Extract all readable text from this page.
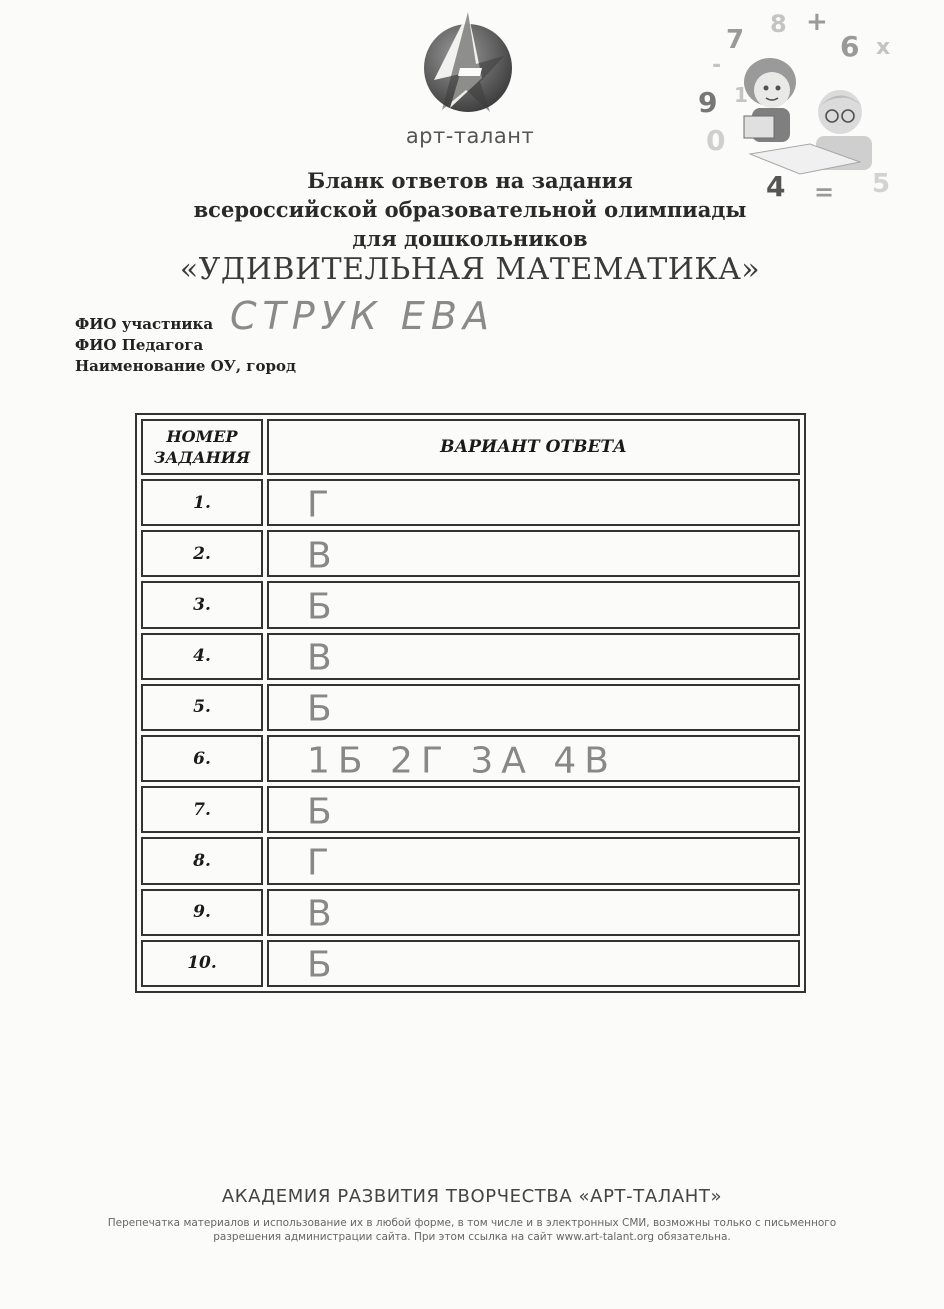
арт-талант
7
8 +
6 x
-
9 1
0
4 = 5
Бланк ответов на задания
всероссийской образовательной олимпиады
для дошкольников
«УДИВИТЕЛЬНАЯ МАТЕМАТИКА»
ФИО участника
ФИО Педагога
Наименование ОУ, город
СТРУК ЕВА
НОМЕР ЗАДАНИЯ	ВАРИАНТ ОТВЕТА
1.	Г

2.	В

3.	Б

4.	В

5.	Б

6.	1Б 2Г 3А 4В

7.	Б

8.	Г

9.	В

10.	Б
АКАДЕМИЯ РАЗВИТИЯ ТВОРЧЕСТВА «АРТ-ТАЛАНТ»
Перепечатка материалов и использование их в любой форме, в том числе и в электронных СМИ, возможны только с письменного разрешения администрации сайта. При этом ссылка на сайт www.art-talant.org обязательна.
